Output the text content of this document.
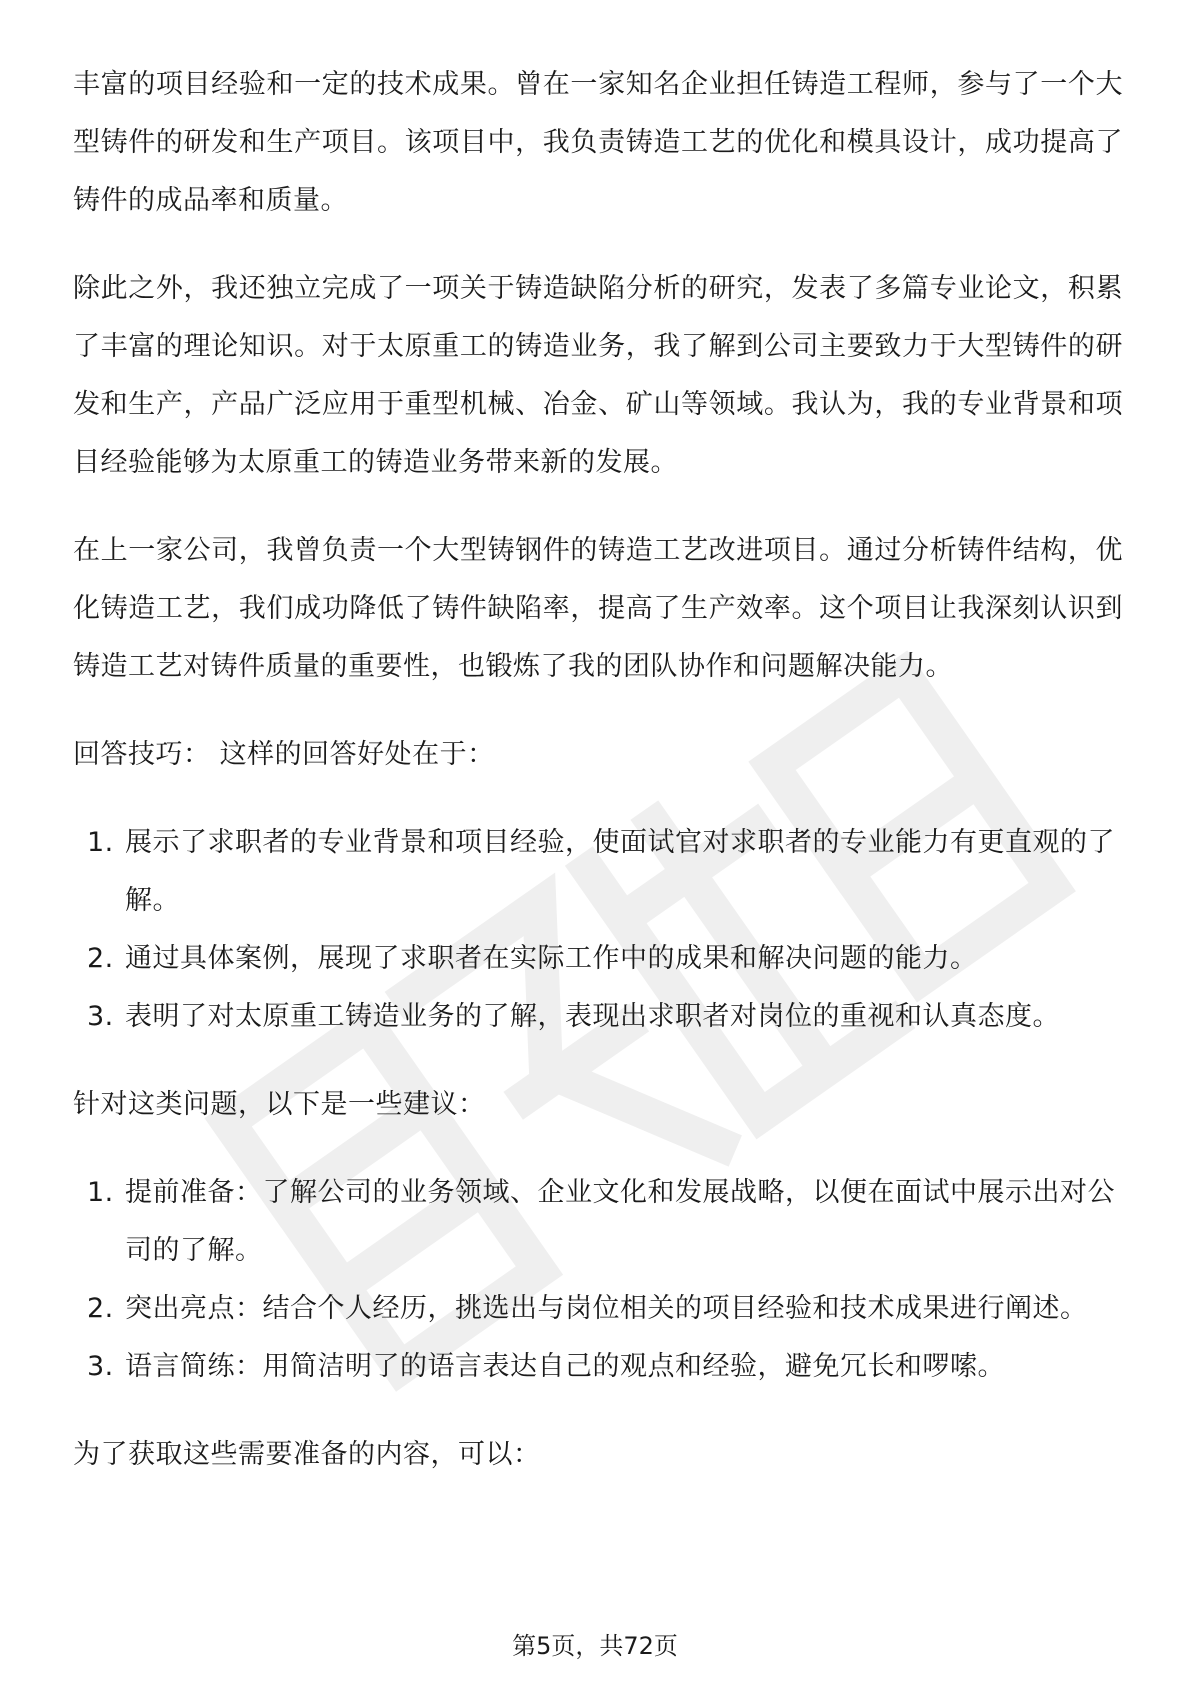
丰富的项目经验和一定的技术成果。曾在一家知名企业担任铸造工程师，参与了一个大型铸件的研发和生产项目。该项目中，我负责铸造工艺的优化和模具设计，成功提高了铸件的成品率和质量。

除此之外，我还独立完成了一项关于铸造缺陷分析的研究，发表了多篇专业论文，积累了丰富的理论知识。对于太原重工的铸造业务，我了解到公司主要致力于大型铸件的研发和生产，产品广泛应用于重型机械、冶金、矿山等领域。我认为，我的专业背景和项目经验能够为太原重工的铸造业务带来新的发展。

在上一家公司，我曾负责一个大型铸钢件的铸造工艺改进项目。通过分析铸件结构，优化铸造工艺，我们成功降低了铸件缺陷率，提高了生产效率。这个项目让我深刻认识到铸造工艺对铸件质量的重要性，也锻炼了我的团队协作和问题解决能力。

回答技巧： 这样的回答好处在于：

1. 展示了求职者的专业背景和项目经验，使面试官对求职者的专业能力有更直观的了解。
2. 通过具体案例，展现了求职者在实际工作中的成果和解决问题的能力。
3. 表明了对太原重工铸造业务的了解，表现出求职者对岗位的重视和认真态度。

针对这类问题，以下是一些建议：

1. 提前准备：了解公司的业务领域、企业文化和发展战略，以便在面试中展示出对公司的了解。
2. 突出亮点：结合个人经历，挑选出与岗位相关的项目经验和技术成果进行阐述。
3. 语言简练：用简洁明了的语言表达自己的观点和经验，避免冗长和啰嗦。

为了获取这些需要准备的内容，可以：

第5页，共72页
